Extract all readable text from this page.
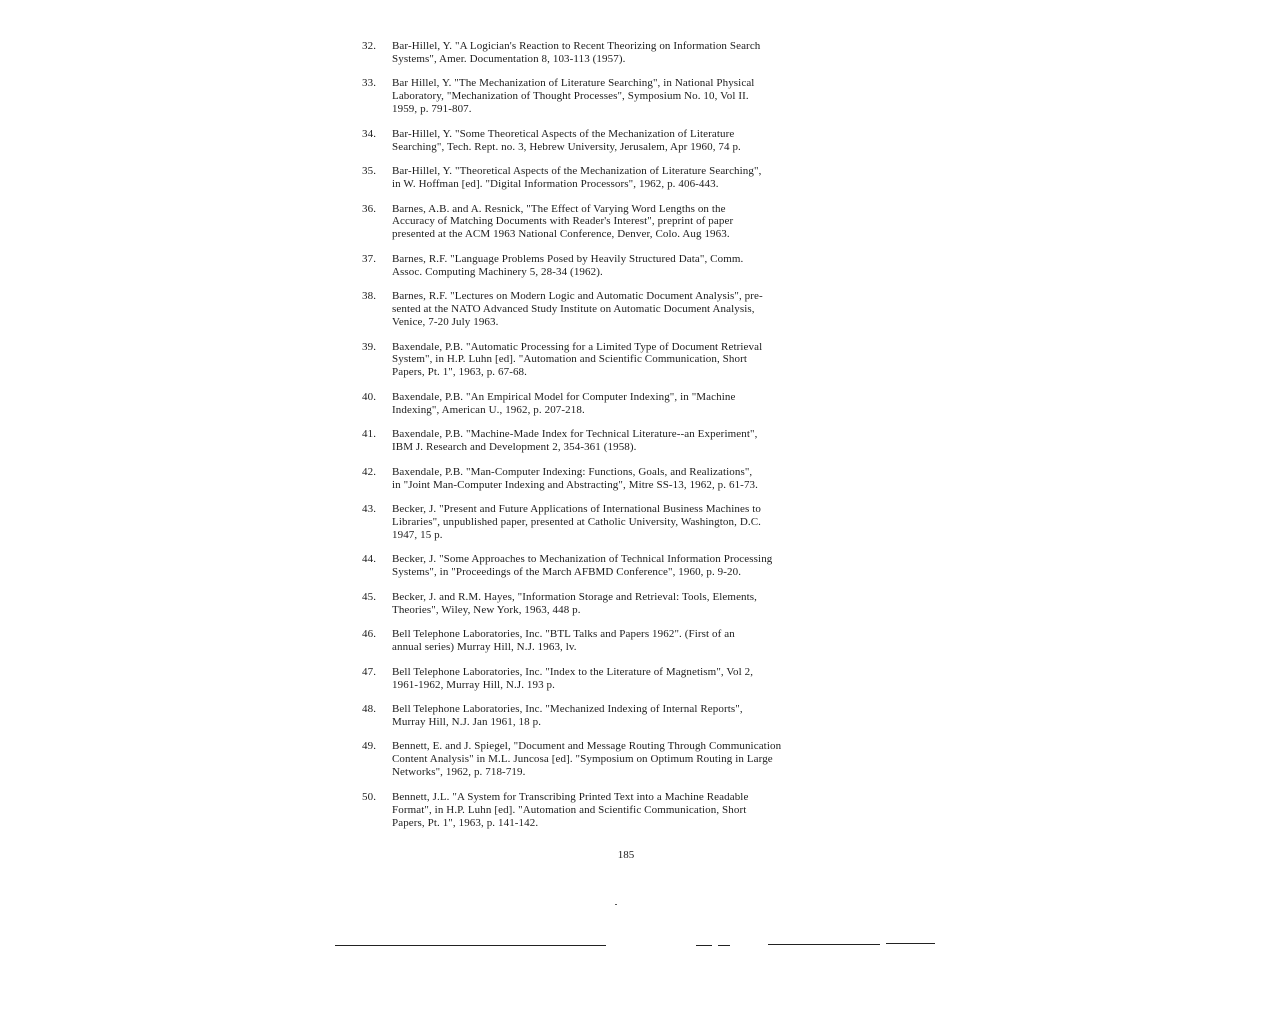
32.	Bar-Hillel, Y. "A Logician's Reaction to Recent Theorizing on Information Search
Systems", Amer. Documentation 8, 103-113 (1957).
33.	Bar Hillel, Y. "The Mechanization of Literature Searching", in National Physical
Laboratory, "Mechanization of Thought Processes", Symposium No. 10, Vol II.
1959, p. 791-807.
34.	Bar-Hillel, Y. "Some Theoretical Aspects of the Mechanization of Literature
Searching", Tech. Rept. no. 3, Hebrew University, Jerusalem, Apr 1960, 74 p.
35.	Bar-Hillel, Y. "Theoretical Aspects of the Mechanization of Literature Searching",
in W. Hoffman [ed]. "Digital Information Processors", 1962, p. 406-443.
36.	Barnes, A.B. and A. Resnick, "The Effect of Varying Word Lengths on the
Accuracy of Matching Documents with Reader's Interest", preprint of paper
presented at the ACM 1963 National Conference, Denver, Colo. Aug 1963.
37.	Barnes, R.F. "Language Problems Posed by Heavily Structured Data", Comm.
Assoc. Computing Machinery 5, 28-34 (1962).
38.	Barnes, R.F. "Lectures on Modern Logic and Automatic Document Analysis", pre-
sented at the NATO Advanced Study Institute on Automatic Document Analysis,
Venice, 7-20 July 1963.
39.	Baxendale, P.B. "Automatic Processing for a Limited Type of Document Retrieval
System", in H.P. Luhn [ed]. "Automation and Scientific Communication, Short
Papers, Pt. 1", 1963, p. 67-68.
40.	Baxendale, P.B. "An Empirical Model for Computer Indexing", in "Machine
Indexing", American U., 1962, p. 207-218.
41.	Baxendale, P.B. "Machine-Made Index for Technical Literature--an Experiment",
IBM J. Research and Development 2, 354-361 (1958).
42.	Baxendale, P.B. "Man-Computer Indexing: Functions, Goals, and Realizations",
in "Joint Man-Computer Indexing and Abstracting", Mitre SS-13, 1962, p. 61-73.
43.	Becker, J. "Present and Future Applications of International Business Machines to
Libraries", unpublished paper, presented at Catholic University, Washington, D.C.
1947, 15 p.
44.	Becker, J. "Some Approaches to Mechanization of Technical Information Processing
Systems", in "Proceedings of the March AFBMD Conference", 1960, p. 9-20.
45.	Becker, J. and R.M. Hayes, "Information Storage and Retrieval: Tools, Elements,
Theories", Wiley, New York, 1963, 448 p.
46.	Bell Telephone Laboratories, Inc. "BTL Talks and Papers 1962". (First of an
annual series) Murray Hill, N.J. 1963, lv.
47.	Bell Telephone Laboratories, Inc. "Index to the Literature of Magnetism", Vol 2,
1961-1962, Murray Hill, N.J. 193 p.
48.	Bell Telephone Laboratories, Inc. "Mechanized Indexing of Internal Reports",
Murray Hill, N.J. Jan 1961, 18 p.
49.	Bennett, E. and J. Spiegel, "Document and Message Routing Through Communication
Content Analysis" in M.L. Juncosa [ed]. "Symposium on Optimum Routing in Large
Networks", 1962, p. 718-719.
50.	Bennett, J.L. "A System for Transcribing Printed Text into a Machine Readable
Format", in H.P. Luhn [ed]. "Automation and Scientific Communication, Short
Papers, Pt. 1", 1963, p. 141-142.
185
